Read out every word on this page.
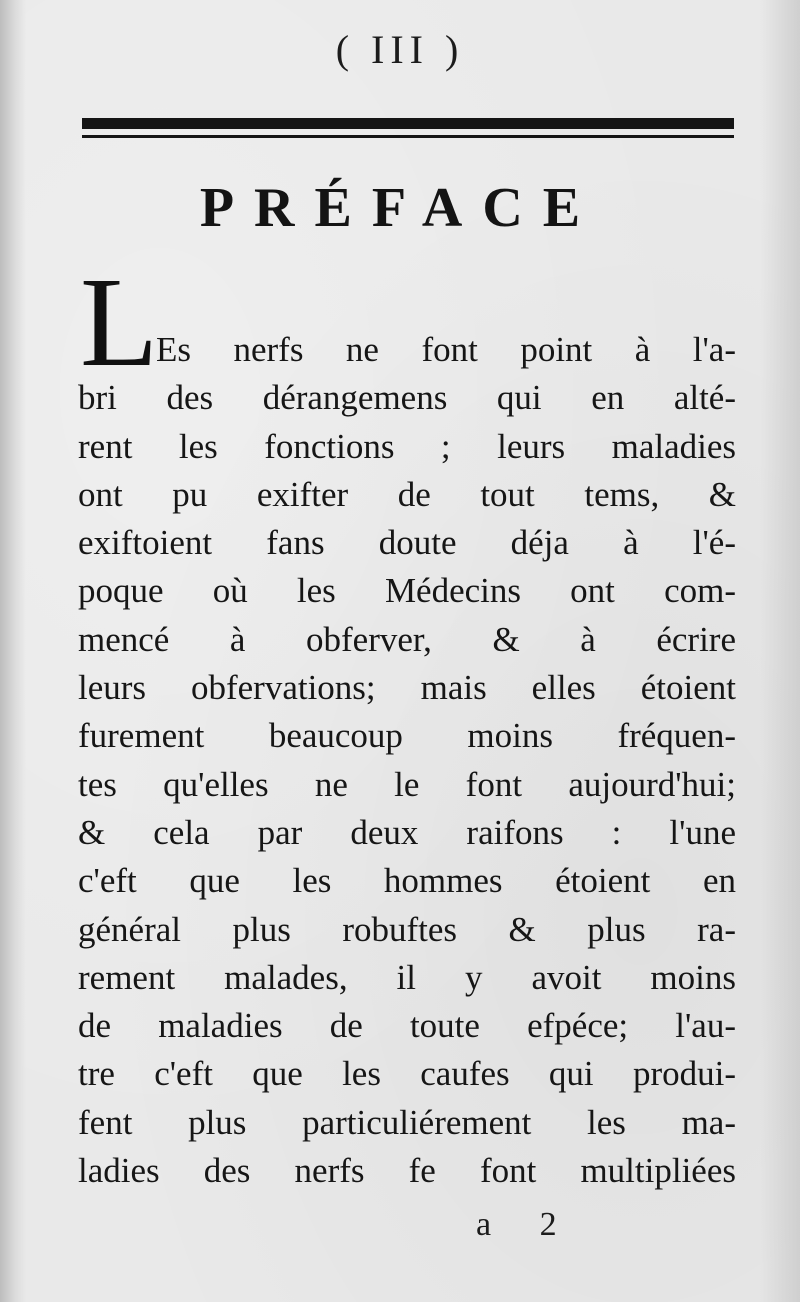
( III )
PRÉFACE
L
Es nerfs ne font point à l'a-
bri des dérangemens qui en alté-
rent les fonctions ; leurs maladies
ont pu exifter de tout tems, &
exiftoient fans doute déja à l'é-
poque où les Médecins ont com-
mencé à obferver, & à écrire
leurs obfervations; mais elles étoient
furement beaucoup moins fréquen-
tes qu'elles ne le font aujourd'hui;
& cela par deux raifons : l'une
c'eft que les hommes étoient en
général plus robuftes & plus ra-
rement malades, il y avoit moins
de maladies de toute efpéce; l'au-
tre c'eft que les caufes qui produi-
fent plus particuliérement les ma-
ladies des nerfs fe font multipliées
a 2
